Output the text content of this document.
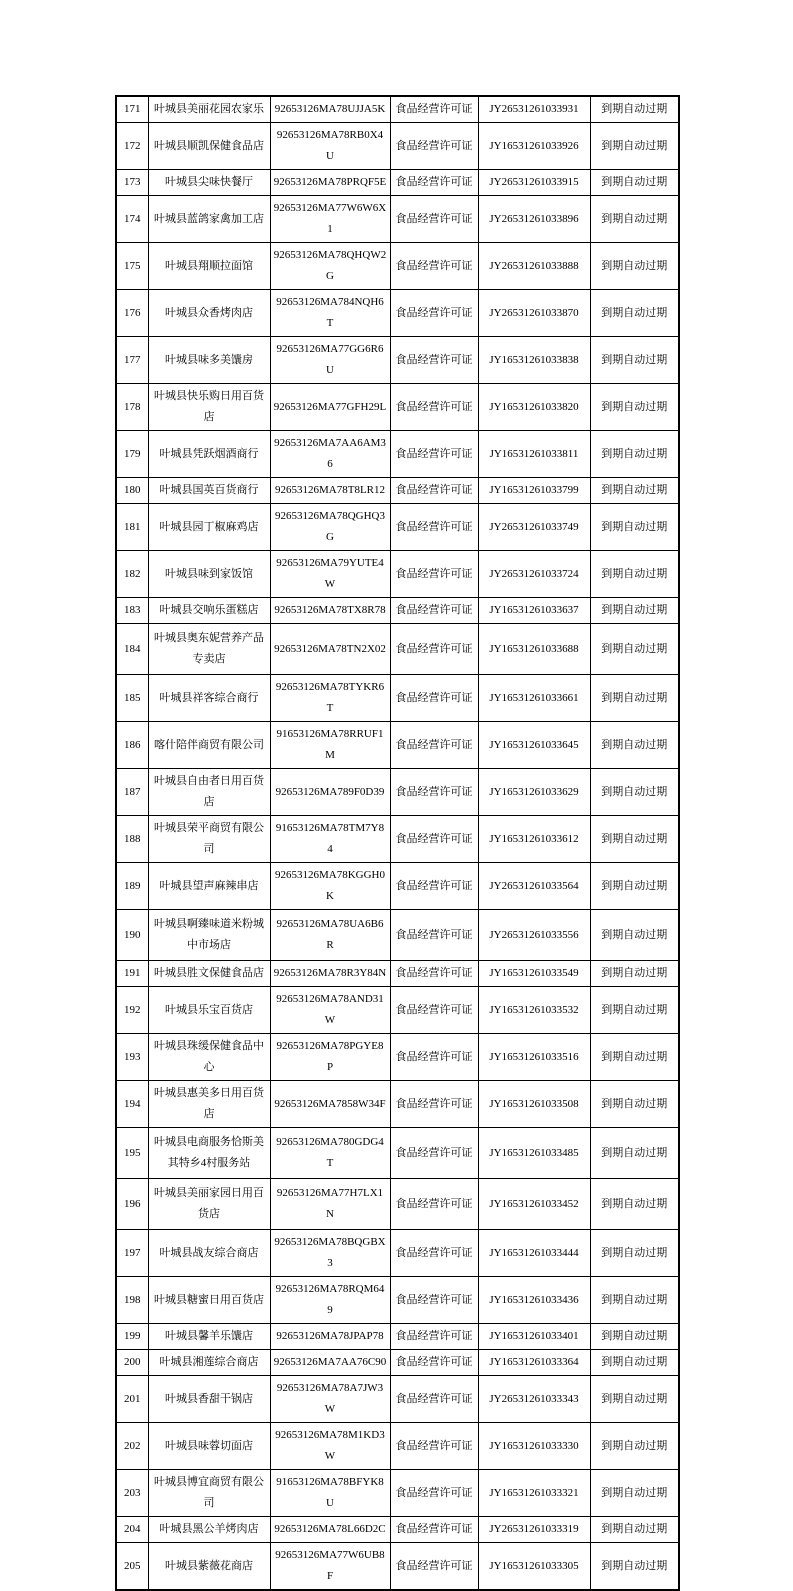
171	叶城县美丽花园农家乐	92653126MA78UJJA5K	食品经营许可证	JY26531261033931	到期自动过期
172	叶城县顺凯保健食品店	92653126MA78RB0X4U	食品经营许可证	JY16531261033926	到期自动过期
173	叶城县尖味快餐厅	92653126MA78PRQF5E	食品经营许可证	JY26531261033915	到期自动过期
174	叶城县蓝鸽家禽加工店	92653126MA77W6W6X1	食品经营许可证	JY26531261033896	到期自动过期
175	叶城县翔顺拉面馆	92653126MA78QHQW2G	食品经营许可证	JY26531261033888	到期自动过期
176	叶城县众香烤肉店	92653126MA784NQH6T	食品经营许可证	JY26531261033870	到期自动过期
177	叶城县味多美馕房	92653126MA77GG6R6U	食品经营许可证	JY16531261033838	到期自动过期
178	叶城县快乐购日用百货店	92653126MA77GFH29L	食品经营许可证	JY16531261033820	到期自动过期
179	叶城县凭跃烟酒商行	92653126MA7AA6AM36	食品经营许可证	JY16531261033811	到期自动过期
180	叶城县国英百货商行	92653126MA78T8LR12	食品经营许可证	JY16531261033799	到期自动过期
181	叶城县园丁椒麻鸡店	92653126MA78QGHQ3G	食品经营许可证	JY26531261033749	到期自动过期
182	叶城县味到家饭馆	92653126MA79YUTE4W	食品经营许可证	JY26531261033724	到期自动过期
183	叶城县交响乐蛋糕店	92653126MA78TX8R78	食品经营许可证	JY16531261033637	到期自动过期
184	叶城县奥东妮营养产品专卖店	92653126MA78TN2X02	食品经营许可证	JY16531261033688	到期自动过期
185	叶城县祥客综合商行	92653126MA78TYKR6T	食品经营许可证	JY16531261033661	到期自动过期
186	喀什陪伴商贸有限公司	91653126MA78RRUF1M	食品经营许可证	JY16531261033645	到期自动过期
187	叶城县自由者日用百货店	92653126MA789F0D39	食品经营许可证	JY16531261033629	到期自动过期
188	叶城县荣平商贸有限公司	91653126MA78TM7Y84	食品经营许可证	JY16531261033612	到期自动过期
189	叶城县望声麻辣串店	92653126MA78KGGH0K	食品经营许可证	JY26531261033564	到期自动过期
190	叶城县啊臻味道米粉城中市场店	92653126MA78UA6B6R	食品经营许可证	JY26531261033556	到期自动过期
191	叶城县胜文保健食品店	92653126MA78R3Y84N	食品经营许可证	JY16531261033549	到期自动过期
192	叶城县乐宝百货店	92653126MA78AND31W	食品经营许可证	JY16531261033532	到期自动过期
193	叶城县珠缓保健食品中心	92653126MA78PGYE8P	食品经营许可证	JY16531261033516	到期自动过期
194	叶城县惠美多日用百货店	92653126MA7858W34F	食品经营许可证	JY16531261033508	到期自动过期
195	叶城县电商服务恰斯美其特乡4村服务站	92653126MA780GDG4T	食品经营许可证	JY16531261033485	到期自动过期
196	叶城县美丽家园日用百货店	92653126MA77H7LX1N	食品经营许可证	JY16531261033452	到期自动过期
197	叶城县战友综合商店	92653126MA78BQGBX3	食品经营许可证	JY16531261033444	到期自动过期
198	叶城县糖蜜日用百货店	92653126MA78RQM649	食品经营许可证	JY16531261033436	到期自动过期
199	叶城县馨羊乐馕店	92653126MA78JPAP78	食品经营许可证	JY16531261033401	到期自动过期
200	叶城县湘莲综合商店	92653126MA7AA76C90	食品经营许可证	JY16531261033364	到期自动过期
201	叶城县香甜干锅店	92653126MA78A7JW3W	食品经营许可证	JY26531261033343	到期自动过期
202	叶城县味蓉切面店	92653126MA78M1KD3W	食品经营许可证	JY16531261033330	到期自动过期
203	叶城县博宜商贸有限公司	91653126MA78BFYK8U	食品经营许可证	JY16531261033321	到期自动过期
204	叶城县黑公羊烤肉店	92653126MA78L66D2C	食品经营许可证	JY26531261033319	到期自动过期
205	叶城县紫薇花商店	92653126MA77W6UB8F	食品经营许可证	JY16531261033305	到期自动过期
